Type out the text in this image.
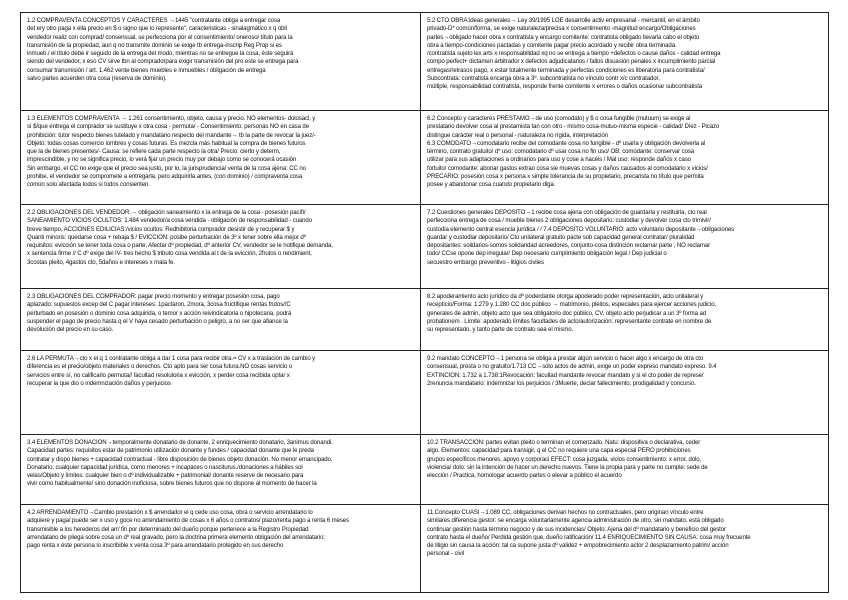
1.2 COMPRAVENTA CONCEPTOS Y CARACTERES →1445 "contratante obliga a entregar cosa
det ery otro paga x ella precio en $ o signo que lo represente". caracteristicas - sinalagmático x q obli
vendedor realiz con comprad/ consensual, se perfecciona por el consentimiento/ oneroso/ título para la
transmisión de la propiedad, aun q no transmite dominio se exige tb entrega-inscrip Reg Prop si es
inmueb./ el título debe ir seguido de la entrega del modo, mientras no se entregue la cosa, éste seguirá
siendo del vendedor, x eso CV sirve tbn al compradorpara exigir transmisión del pro este se entrega para
consumar transmisión / art. 1.462 vente bienes muebles e inmuebles / obligación de entrega
salvo partes acuerden otra cosa (reserva de dominio).
5.2 CTO OBRA:ideas generales→ Ley 39/1995 LOE desarrolle activ empresarial - mercantil, en el ámbito
privado-D* común/forma, se exige naturaleza/precisa x consentimiento -magnitud encargo/Obligaciones
partes→obligado hacer obra x contratista y encargo comitente: contratista obligado llevarla cabo el objeto
obra a tiempo-condiciones pactadas y comitente pagar precio acordado y recibir obra terminada.
/contratista sujeto lex arts x responsabilidad xq no se entrega a tiempo +defectos o cause daños - calidad entrega
compo perfect+ dictamen árbitrador x defectos adjudicatarios / fallos disuasión penales x incumplimiento parcial
entregas/retrasos pago, x estar totalmente terminada y perfectas condiciones es liberatoria para contratista/
Subcontrata: contratista encarga obra a 3º. subcontratista no vínculo contr x/c contratador,
múltiple, responsabilidad contratista, responde frente comitente x errores o daños ocasionar subcontratista
1.3 ELEMENTOS COMPRAVENTA → 1.261 consentimiento, objeto, causa y precio. NO elementos- dolosacl, y
sí $/que entrega el comprador se sustituye x otra cosa - permuta/ - Consentimiento: personas NO en casa de
prohibición: tutor respecto bienes tutelado y mandatario respecto del mandante→ tb la parte de revocar la juez/-
Objeto: todas cosas comercio lombres y cosas futuras. Es mezcla más habitual la compra de bienes futuros
que la de bienes presentes/- Causa: se refiere cada parte respecto la otra/ Precio: cierto y determ,
imprescindible, y no se significa precio, lo verá fijar un precio muy por debajo como se conocerá ocasión
Sin embargo, el CC no exige que el precio sea justo, por lo, la jurisprudencia/ venta de la cosa ajena: CC no
prohibe, el vendedor se compromete a entregarla, pero adquirirla antes, (con dominio) / compraventa cosa
común solo afectada todos si todos consienten.
6.2 Concepto y caracteres PRÉSTAMO→de uso (comodato) y $ o cosa fungible (mutuum) se exige al
prestatario devolver cosa al prestamista tan con otro - mismo cosa-mutuo-misma especie - calidad/ Díez - Picazo
distingue carácter real o personal - naturaleza no rígida, interpretación
6.3 COMODATO→comodatario recibe del comodante cosa no fungible - dº usarla y obligación devolverla al
término, contrato gratuito/ d* uso: comodatario dº usar cosa no fin uso/ OB: comodante: conservar cosa
utilizar para sus adaptaciones a ordinarios para uso y cose a hacéis / Mal uso: responde daños x caso
fortuito/ comodante: abonar gastos extrao cosa sie muevas cosas y daños causados al comodatario x vicios/
PRECARIO: posesión cosa x persona x simple tolerancia de su propietario, precarista no título que permita
posee y abandonar cosa cuando propietario diga.
2.2 OBLIGACIONES DEL VENDEDOR:→ obligación saneamiento x la entrega de la cosa - posesión pacífi/
SANEAMIENTO VICIOS OCULTOS: 1.484 vendedor/a cosa vendida - obligación de responsabilidad - cuando
breve tiempo, ACCIONES EDILICIAS:/vicios ocultos: Redhibitoria comprador desistir de y recuperar $ y
Quanti minoris: quedarse cosa + rebaja $ / EVICCIÓN: posibe perturbación de 3º x tener sobre ella mejor dº
requisitos: evicción se tener toda cosa o parte, Afectar dº propiedad, dº anterior CV, vendedor se le notifique demanda,
x sentencia firme // C dº exige del IV- tres hecho $ tributo cosa vendida al t de la evicción, 2frutos o rendimient,
3costas pleito, 4gastos cto, 5daños e intereses x mala fe.
7.2 Cuestiones generales DEPÓSITO→1 recibe cosa ajena con obligación de guardarla y restituirla, cto real
perfecciona entrega de cosa / mueble bienes 2 obligaciones depositario: custodiar y devolver cosa cto trimivir/
custodia elemento central esencia jurídica / / 7.4 DEPÓSITO VOLUNTARIO: acto voluntario depositante→obligaciones
guardar y custodiar depositario/ Cto unilateral gratuito pacte sob capacidad general contratar/ pluralidad
depositantes: solidarios-somos solidaridad acreedores, conjunto-cosa distinción reclamar parte , NO reclamar
todo/ CCse opone dep irregular/ Dep necesario cumplimiento obligación legal / Dep judicial o
secuestro embargo preventivo - litigios civiles
2.3 OBLIGACIONES DEL COMPRADOR: pagar precio momento y entregar posesión cosa, pago
aplazado: supuestos excep del C pagar intereses: 1pactaron, 2mora, 3cosa fructifique rentas frutos//C
perturbado en posesión o dominio cosa adquirida, o temor x acción reivindicatoria o hipotecaria, podrá
suspender el pago de precio hasta q el V haya cesado perturbación o peligro, a no ser que afiance la
devolución del precio en su caso.
8.2 apoderamiento acto jurídico da dº poderdante otorga apoderado poder representación, acto unilateral y
receptício/Forma: 1.279 y 1.280 CC doc público → matrimonio, pleitos, especiales para ejercer acciones judicio,
generales de admin, objeto acto que sea obligatorio doc público, CV, objeto acto perjudicar a un 3º forma ad
probationem . Límite: apoderado límites facultades de acto/autorización: representante contrate en nombre de
su representado, y tanto parte de contrato sea el mismo.
2.6 LA PERMUTA→cto x el q 1 contratante obliga a dar 1 cosa para recibir otra.= CV x a traslación de cambio y
diferencia es el precio/objeto materiales o derechos. Cto apto para ser cosa futura.NO cosas servicio o
servicios entre sí, no calificarlo permuta// facultad resolutoria x evicción, x perder cosa recibida optar x
recuperar la que dio o indemnización daños y perjuicios
9.2 mandato CONCEPTO→1 persona se obliga a prestar algún servicio o hacer algo x encargo de otra cto
consensual, presta o no gratuito/1.713 CC→sólo actos de admin, exige un poder expreso mandato expreso. 9.4
EXTINCIÓN: 1.732 a 1.738:1Revocación: facultad mandante revocar mandato y si el cto poder de represe/
2renuncia mandatario: indemnizar los perjuicios / 3Muerte, declar fallecimiento, prodigalidad y concurso.
3.4 ELEMENTOS DONACIÓN→temporalmente donatario de donante, 2 enriquecimiento donatario, 3animus donandi.
Capacidad partes: requisitos estar de patrimonio utilización donante y fundes / capacidad donante que le preda
contratar y dispo bienes + capacidad contractual - libre disposición de bienes objeto donación. No menor emancipado.
Donatario: cualquier capacidad jurídica, como menores + incapaces o nasciturus./donaciones a hábiles sol
velas/Objeto y límites: cualquier bien o dº individualizable + patrimonial/ donante reserve de necesario para
vivir como habitualmente/ sino donación inoficiosa, sobre bienes futuros que no dispone al momento de hacer la
10.2 TRANSACCIÓN: partes evitan pleito o terminan el comenzado. Natu: dispositiva o declarativa, ceder
algo. Elementos: capacidad para transigir, q el CC no requiere una capa especial PERO prohibiciones
grupos específicos menores, apoyo y corporaci EFECT: cosa juzgada, vicios consentimiento: x error, dolo,
violencia/ dolo: sin la intención de hacer un derecho nuevos. Tiene la propia para y parte no cumple: sede de
elección / Practica, homologar acuerdo partes o elevar a público el acuerdo
4.2 ARRENDAMIENTO→Cambio prestación x $ arrendador el q cede uso cosa, obra o servicio arrendatario lo
adquiere y paga/ puede ser x uso y goce no arrendamiento de cosas x 6 años o contratos/ plazo/renta pago a renta 6 meses
transmisible a los herederos del arr/ fin por determinado del dueño porque pertenece a la Registro Propiedad
arrendatario de pliega sobre cosa un dº real gravado, pero la doctrina primera elemento obligación del arrendatario:
pago renta x éste persona lo inscribible x venta cosa 3º para arrendatario protegido en sus derecho
11.Concepto CUASI→1.089 CC, obligaciones derivan hechos no contractuales, pero originan vínculo entre
similares diferencia gestor: se encarga voluntariamente agencia administración de otro, sin mandato, está obligado
continuar gestión hasta término negocio y de sus incidencias/ Objeto: Ajena del dº mandatario y beneficio del gestor
contrato hasta el dueño/ Perdida gestión que, dueño ratificación/ 11.4 ENRIQUECIMIENTO SIN CAUSA: cosa muy frecuente
de litigio sin causa la acción: tal ca supone justa dº validez + empobrecimiento actor 2 desplazamiento patrim/ acción
personal - civil
